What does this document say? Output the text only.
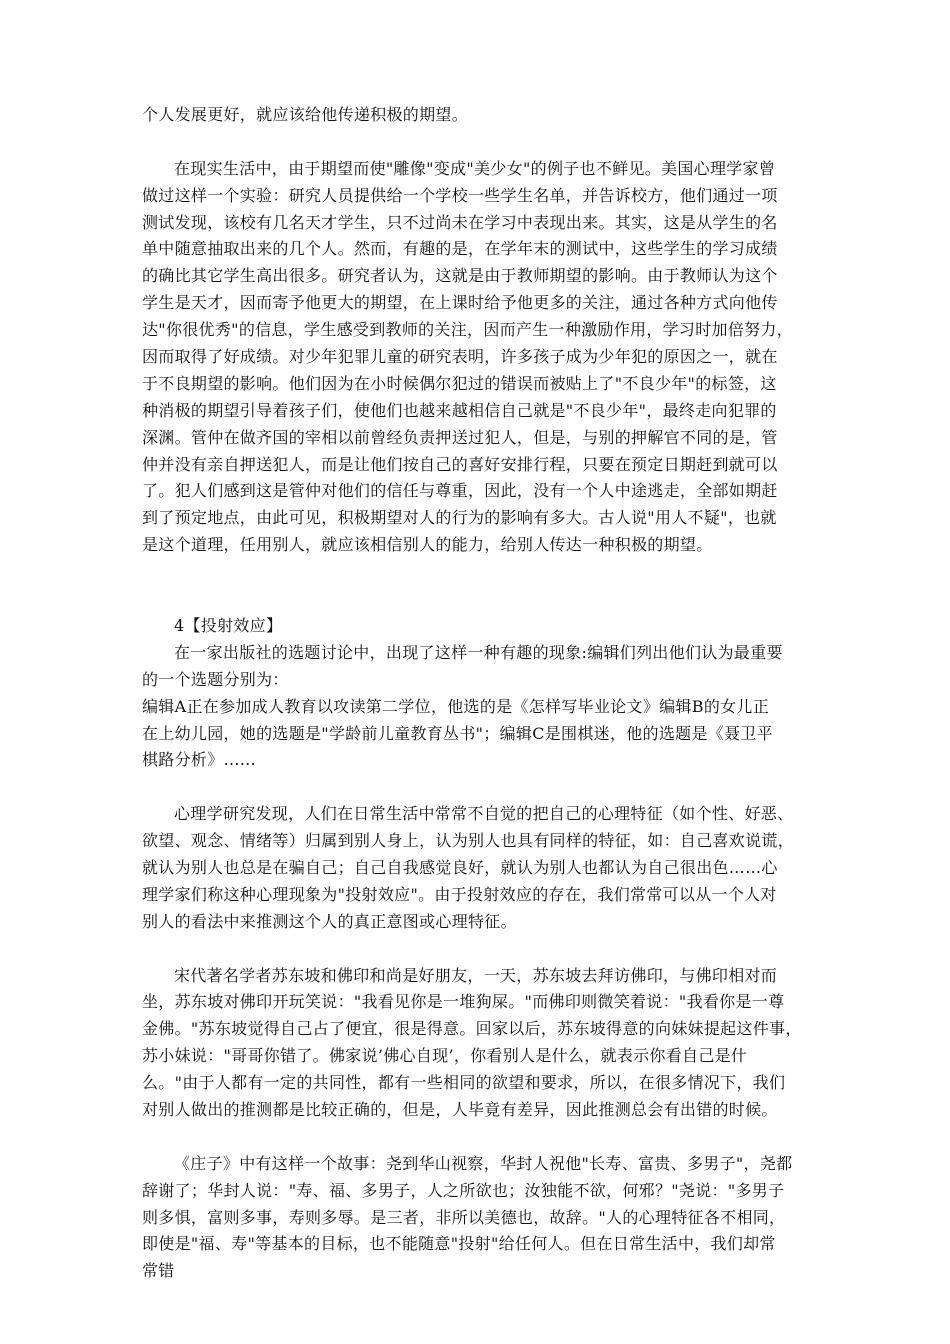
个人发展更好，就应该给他传递积极的期望。
在现实生活中，由于期望而使"雕像"变成"美少女"的例子也不鲜见。美国心理学家曾
做过这样一个实验：研究人员提供给一个学校一些学生名单，并告诉校方，他们通过一项
测试发现，该校有几名天才学生，只不过尚未在学习中表现出来。其实，这是从学生的名
单中随意抽取出来的几个人。然而，有趣的是，在学年末的测试中，这些学生的学习成绩
的确比其它学生高出很多。研究者认为，这就是由于教师期望的影响。由于教师认为这个
学生是天才，因而寄予他更大的期望，在上课时给予他更多的关注，通过各种方式向他传
达"你很优秀"的信息，学生感受到教师的关注，因而产生一种激励作用，学习时加倍努力，
因而取得了好成绩。对少年犯罪儿童的研究表明，许多孩子成为少年犯的原因之一，就在
于不良期望的影响。他们因为在小时候偶尔犯过的错误而被贴上了"不良少年"的标签，这
种消极的期望引导着孩子们，使他们也越来越相信自己就是"不良少年"，最终走向犯罪的
深渊。管仲在做齐国的宰相以前曾经负责押送过犯人，但是，与别的押解官不同的是，管
仲并没有亲自押送犯人，而是让他们按自己的喜好安排行程，只要在预定日期赶到就可以
了。犯人们感到这是管仲对他们的信任与尊重，因此，没有一个人中途逃走，全部如期赶
到了预定地点，由此可见，积极期望对人的行为的影响有多大。古人说"用人不疑"，也就
是这个道理，任用别人，就应该相信别人的能力，给别人传达一种积极的期望。
4【投射效应】
在一家出版社的选题讨论中，出现了这样一种有趣的现象:编辑们列出他们认为最重要
的一个选题分别为：
编辑A正在参加成人教育以攻读第二学位，他选的是《怎样写毕业论文》编辑B的女儿正
在上幼儿园，她的选题是"学龄前儿童教育丛书"；编辑C是围棋迷，他的选题是《聂卫平
棋路分析》……
心理学研究发现，人们在日常生活中常常不自觉的把自己的心理特征（如个性、好恶、
欲望、观念、情绪等）归属到别人身上，认为别人也具有同样的特征，如：自己喜欢说谎，
就认为别人也总是在骗自己；自己自我感觉良好，就认为别人也都认为自己很出色……心
理学家们称这种心理现象为"投射效应"。由于投射效应的存在，我们常常可以从一个人对
别人的看法中来推测这个人的真正意图或心理特征。
宋代著名学者苏东坡和佛印和尚是好朋友，一天，苏东坡去拜访佛印，与佛印相对而
坐，苏东坡对佛印开玩笑说："我看见你是一堆狗屎。"而佛印则微笑着说："我看你是一尊
金佛。"苏东坡觉得自己占了便宜，很是得意。回家以后，苏东坡得意的向妹妹提起这件事，
苏小妹说："哥哥你错了。佛家说’佛心自现’，你看别人是什么，就表示你看自己是什
么。"由于人都有一定的共同性，都有一些相同的欲望和要求，所以，在很多情况下，我们
对别人做出的推测都是比较正确的，但是，人毕竟有差异，因此推测总会有出错的时候。
《庄子》中有这样一个故事：尧到华山视察，华封人祝他"长寿、富贵、多男子"，尧都
辞谢了；华封人说："寿、福、多男子，人之所欲也；汝独能不欲，何邪？"尧说："多男子
则多惧，富则多事，寿则多辱。是三者，非所以美德也，故辞。"人的心理特征各不相同，
即使是"福、寿"等基本的目标，也不能随意"投射"给任何人。但在日常生活中，我们却常
常错
